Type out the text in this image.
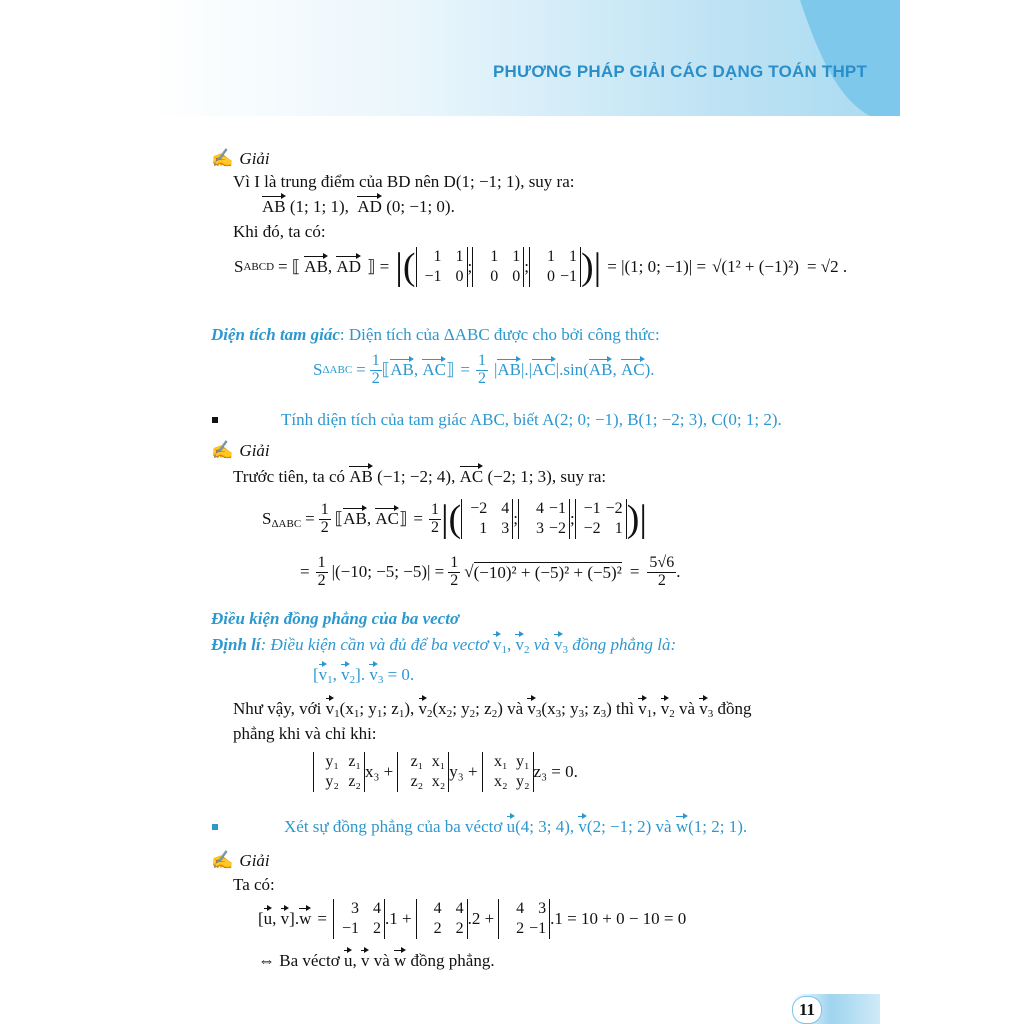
PHƯƠNG PHÁP GIẢI CÁC DẠNG TOÁN THPT
✍ Giải
Vì I là trung điểm của BD nên D(1; −1; 1), suy ra:
AB (1; 1; 1), AD (0; −1; 0).
Khi đó, ta có:
S ABCD = ⟦ AB , AD ⟧ = |(	1 1
−1 0
;
1 1
0 0
;
1 1
0 −1 )| = |(1; 0; −1)| = √(1² + (−1)²) = √2 .
Diện tích tam giác: Diện tích của ΔABC được cho bởi công thức:
S $\Delta ABC = \frac{1}{2}$ ⟦ AB , AC ⟧ = $\frac{1}{2}$ | AB | . | AC | .sin( AB , AC ).
Tính diện tích của tam giác ABC, biết A(2; 0; −1), B(1; −2; 3), C(0; 1; 2).
✍ Giải
Trước tiên, ta có AB (−1; −2; 4), AC (−2; 1; 3), suy ra:
$S_{\Delta ABC} = \frac{1}{2}$ ⟦ AB , AC ⟧ = $\frac{1}{2}$ |( −2 4
1 3
;
4 −1
3 −2
;
−1 −2
−2 1 )|
= $\frac{1}{2} |(-10$; −5; $-5)| = \frac{1}{2}$ √ $(-10)^2 + (-5)^2 + (-5)^2 = \frac{5√6}{2}$ .
Điều kiện đồng phẳng của ba vectơ
Định lí: Điều kiện cần và đủ để ba vectơ $v_1$, $v_2$ và $v_3$ đồng phẳng là:
[$v_1$, $v_2$]. $v_3 = 0$.
Như vậy, với $v_1(x_1$; $y_1$; $z_1$), $v_2(x_2$; $y_2$; $z_2$) và $v_3(x_3$; $y_3$; $z_3$) thì $v_1$, $v_2$ và $v_3$ đồng
phẳng khi và chỉ khi:
y₁ z₁
y₂ z₂
x₃ +
z₁ x₁
z₂ x₂
y₃ +
x₁ y₁
x₂ y₂
z₃ = 0.
Xét sự đồng phẳng của ba véctơ u(4; 3; 4), v(2; −1; 2) và w(1; 2; 1).
✍ Giải
Ta có:
[ u , v ]. w =
3 4
−1 2
.1 +
4 4
2 2
.2 +
4 3
2 −1
.1 = 10 + 0 − 10 = 0
⇔ Ba véctơ u, v và w đồng phẳng.
11
